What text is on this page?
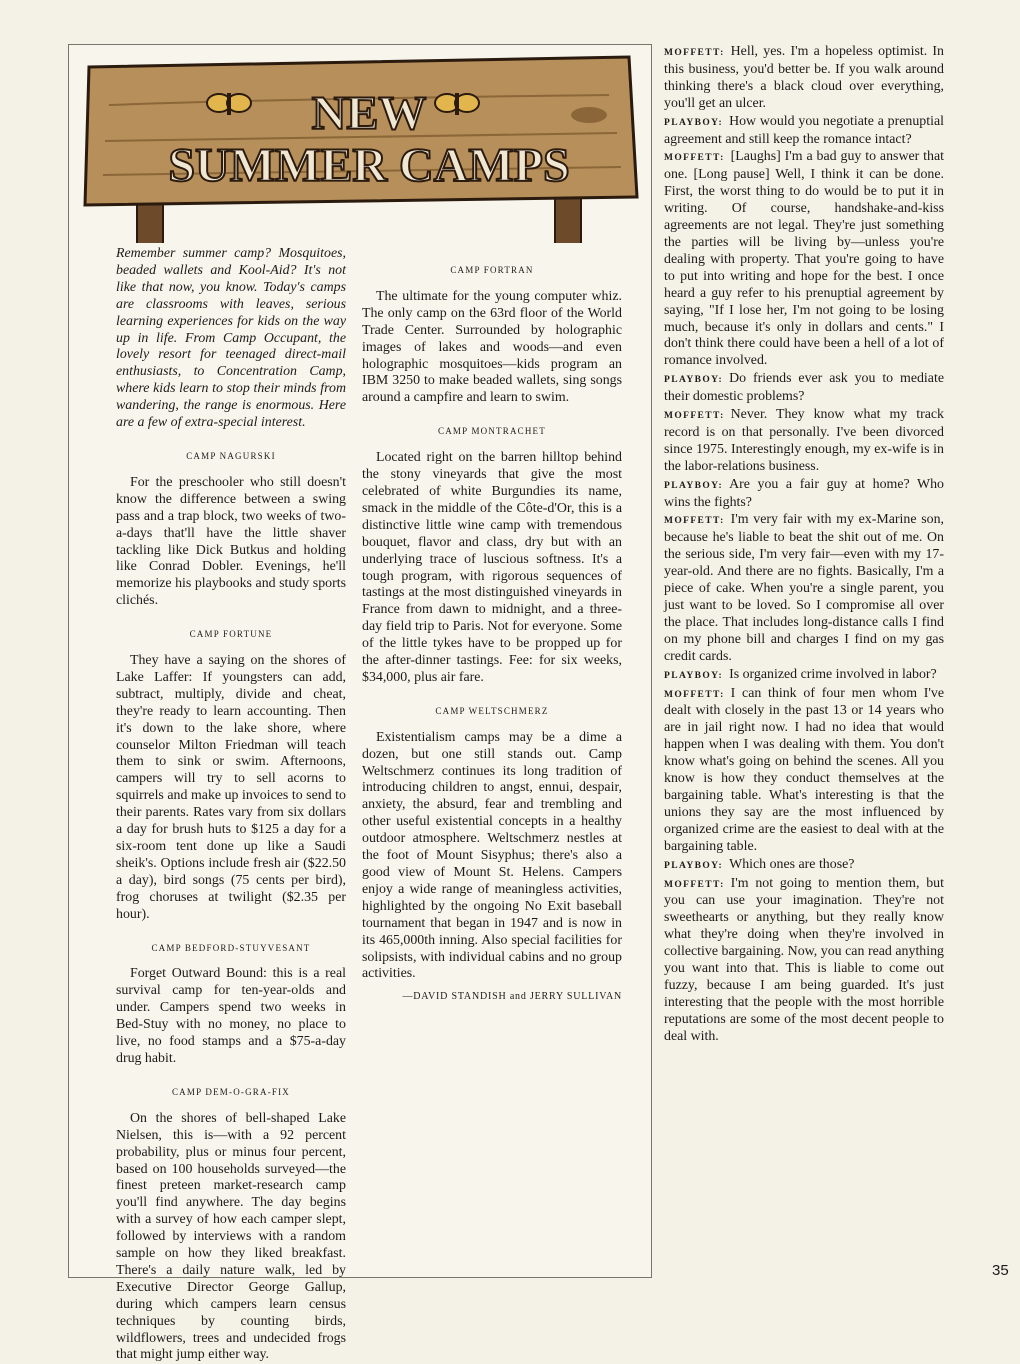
NEW
SUMMER CAMPS

Remember summer camp? Mosquitoes, beaded wallets and Kool-Aid? It's not like that now, you know. Today's camps are classrooms with leaves, serious learning experiences for kids on the way up in life. From Camp Occupant, the lovely resort for teenaged direct-mail enthusiasts, to Concentration Camp, where kids learn to stop their minds from wandering, the range is enormous. Here are a few of extra-special interest.

CAMP NAGURSKI

For the preschooler who still doesn't know the difference between a swing pass and a trap block, two weeks of two-a-days that'll have the little shaver tackling like Dick Butkus and holding like Conrad Dobler. Evenings, he'll memorize his playbooks and study sports clichés.

CAMP FORTUNE

They have a saying on the shores of Lake Laffer: If youngsters can add, subtract, multiply, divide and cheat, they're ready to learn accounting. Then it's down to the lake shore, where counselor Milton Friedman will teach them to sink or swim. Afternoons, campers will try to sell acorns to squirrels and make up invoices to send to their parents. Rates vary from six dollars a day for brush huts to $125 a day for a six-room tent done up like a Saudi sheik's. Options include fresh air ($22.50 a day), bird songs (75 cents per bird), frog choruses at twilight ($2.35 per hour).

CAMP BEDFORD-STUYVESANT

Forget Outward Bound: this is a real survival camp for ten-year-olds and under. Campers spend two weeks in Bed-Stuy with no money, no place to live, no food stamps and a $75-a-day drug habit.

CAMP DEM-O-GRA-FIX

On the shores of bell-shaped Lake Nielsen, this is—with a 92 percent probability, plus or minus four percent, based on 100 households surveyed—the finest preteen market-research camp you'll find anywhere. The day begins with a survey of how each camper slept, followed by interviews with a random sample on how they liked breakfast. There's a daily nature walk, led by Executive Director George Gallup, during which campers learn census techniques by counting birds, wildflowers, trees and undecided frogs that might jump either way.

CAMP FORTRAN

The ultimate for the young computer whiz. The only camp on the 63rd floor of the World Trade Center. Surrounded by holographic images of lakes and woods—and even holographic mosquitoes—kids program an IBM 3250 to make beaded wallets, sing songs around a campfire and learn to swim.

CAMP MONTRACHET

Located right on the barren hilltop behind the stony vineyards that give the most celebrated of white Burgundies its name, smack in the middle of the Côte-d'Or, this is a distinctive little wine camp with tremendous bouquet, flavor and class, dry but with an underlying trace of luscious softness. It's a tough program, with rigorous sequences of tastings at the most distinguished vineyards in France from dawn to midnight, and a three-day field trip to Paris. Not for everyone. Some of the little tykes have to be propped up for the after-dinner tastings. Fee: for six weeks, $34,000, plus air fare.

CAMP WELTSCHMERZ

Existentialism camps may be a dime a dozen, but one still stands out. Camp Weltschmerz continues its long tradition of introducing children to angst, ennui, despair, anxiety, the absurd, fear and trembling and other useful existential concepts in a healthy outdoor atmosphere. Weltschmerz nestles at the foot of Mount Sisyphus; there's also a good view of Mount St. Helens. Campers enjoy a wide range of meaningless activities, highlighted by the ongoing No Exit baseball tournament that began in 1947 and is now in its 465,000th inning. Also special facilities for solipsists, with individual cabins and no group activities.

—DAVID STANDISH and JERRY SULLIVAN

MOFFETT: Hell, yes. I'm a hopeless optimist. In this business, you'd better be. If you walk around thinking there's a black cloud over everything, you'll get an ulcer.

PLAYBOY: How would you negotiate a prenuptial agreement and still keep the romance intact?

MOFFETT: [Laughs] I'm a bad guy to answer that one. [Long pause] Well, I think it can be done. First, the worst thing to do would be to put it in writing. Of course, handshake-and-kiss agreements are not legal. They're just something the parties will be living by—unless you're dealing with property. That you're going to have to put into writing and hope for the best. I once heard a guy refer to his prenuptial agreement by saying, "If I lose her, I'm not going to be losing much, because it's only in dollars and cents." I don't think there could have been a hell of a lot of romance involved.

PLAYBOY: Do friends ever ask you to mediate their domestic problems?

MOFFETT: Never. They know what my track record is on that personally. I've been divorced since 1975. Interestingly enough, my ex-wife is in the labor-relations business.

PLAYBOY: Are you a fair guy at home? Who wins the fights?

MOFFETT: I'm very fair with my ex-Marine son, because he's liable to beat the shit out of me. On the serious side, I'm very fair—even with my 17-year-old. And there are no fights. Basically, I'm a piece of cake. When you're a single parent, you just want to be loved. So I compromise all over the place. That includes long-distance calls I find on my phone bill and charges I find on my gas credit cards.

PLAYBOY: Is organized crime involved in labor?

MOFFETT: I can think of four men whom I've dealt with closely in the past 13 or 14 years who are in jail right now. I had no idea that would happen when I was dealing with them. You don't know what's going on behind the scenes. All you know is how they conduct themselves at the bargaining table. What's interesting is that the unions they say are the most influenced by organized crime are the easiest to deal with at the bargaining table.

PLAYBOY: Which ones are those?

MOFFETT: I'm not going to mention them, but you can use your imagination. They're not sweethearts or anything, but they really know what they're doing when they're involved in collective bargaining. Now, you can read anything you want into that. This is liable to come out fuzzy, because I am being guarded. It's just interesting that the people with the most horrible reputations are some of the most decent people to deal with.

35
